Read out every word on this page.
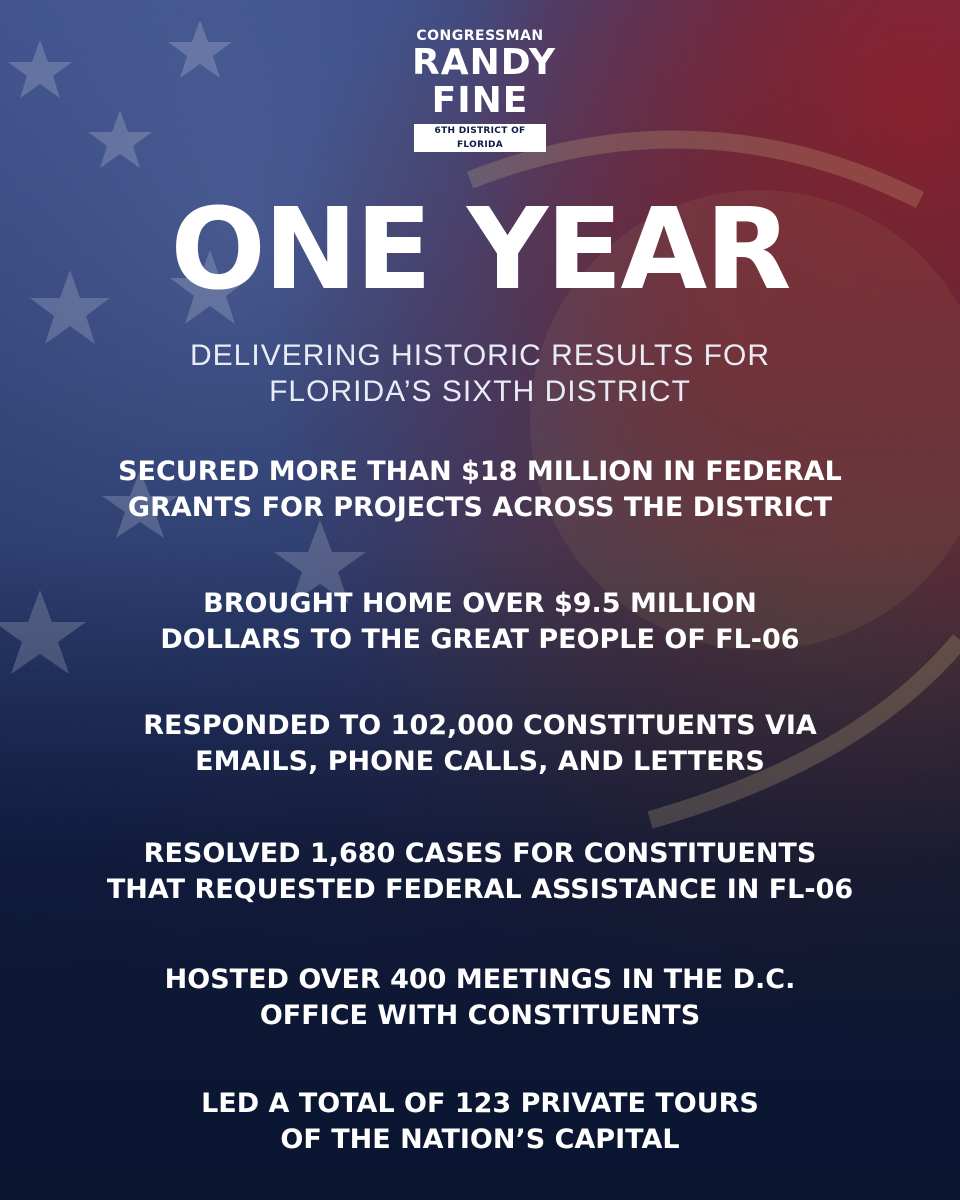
CONGRESSMAN
RANDY
FINE
6TH DISTRICT OF FLORIDA
ONE YEAR
DELIVERING HISTORIC RESULTS FOR
FLORIDA’S SIXTH DISTRICT
SECURED MORE THAN $18 MILLION IN FEDERAL
GRANTS FOR PROJECTS ACROSS THE DISTRICT
BROUGHT HOME OVER $9.5 MILLION
DOLLARS TO THE GREAT PEOPLE OF FL-06
RESPONDED TO 102,000 CONSTITUENTS VIA
EMAILS, PHONE CALLS, AND LETTERS
RESOLVED 1,680 CASES FOR CONSTITUENTS
THAT REQUESTED FEDERAL ASSISTANCE IN FL-06
HOSTED OVER 400 MEETINGS IN THE D.C.
OFFICE WITH CONSTITUENTS
LED A TOTAL OF 123 PRIVATE TOURS
OF THE NATION’S CAPITAL
